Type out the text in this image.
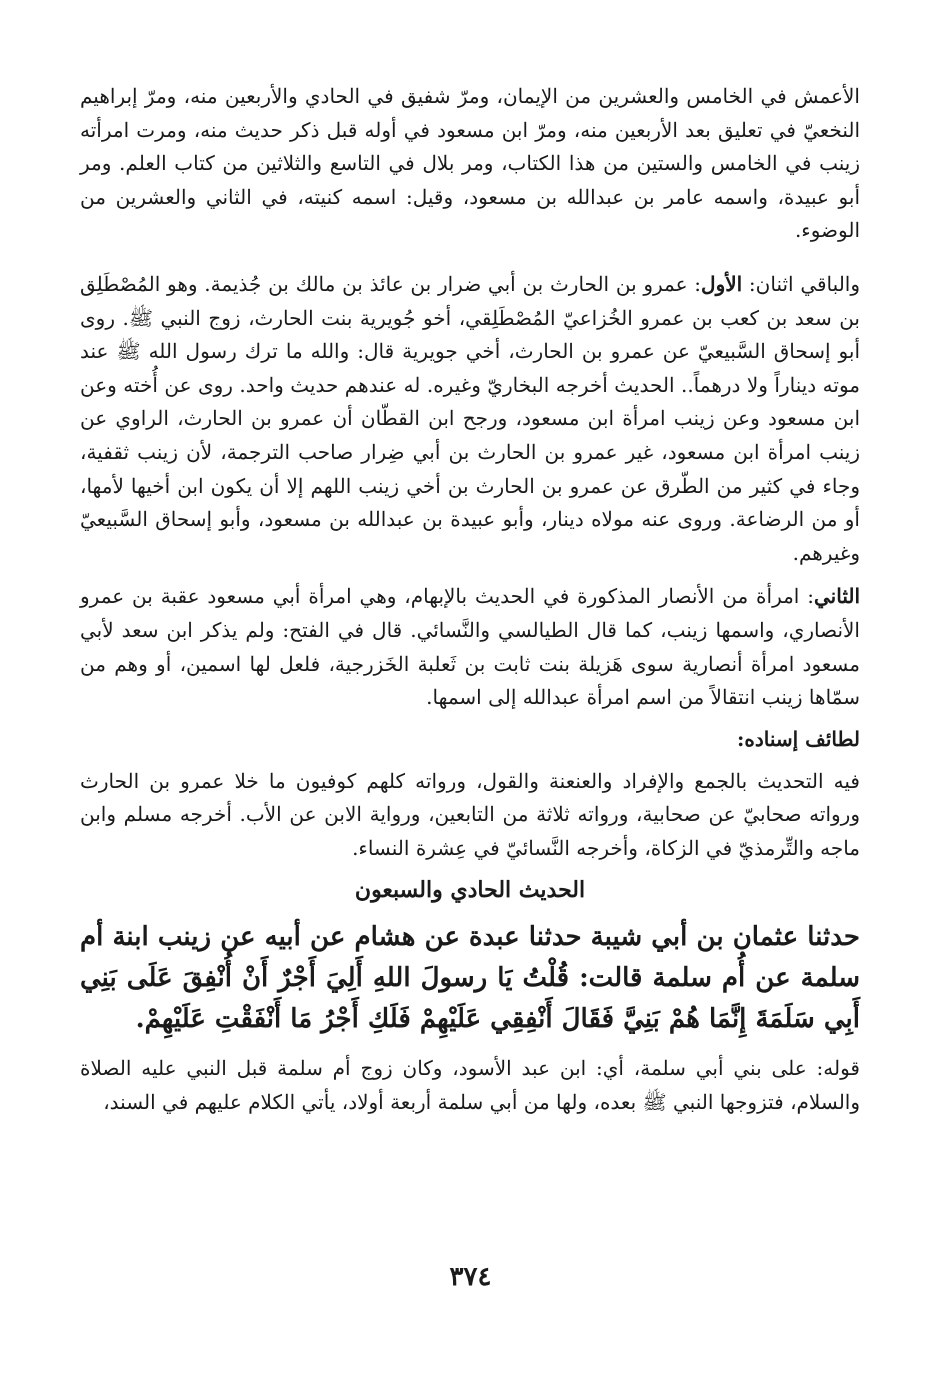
الأعمش في الخامس والعشرين من الإيمان، ومرّ شفيق في الحادي والأربعين منه، ومرّ إبراهيم النخعيّ في تعليق بعد الأربعين منه، ومرّ ابن مسعود في أوله قبل ذكر حديث منه، ومرت امرأته زينب في الخامس والستين من هذا الكتاب، ومر بلال في التاسع والثلاثين من كتاب العلم. ومر أبو عبيدة، واسمه عامر بن عبدالله بن مسعود، وقيل: اسمه كنيته، في الثاني والعشرين من الوضوء.

والباقي اثنان: الأول: عمرو بن الحارث بن أبي ضرار بن عائذ بن مالك بن جُذيمة. وهو المُصْطَلِق بن سعد بن كعب بن عمرو الخُزاعيّ المُصْطَلِقي، أخو جُويرية بنت الحارث، زوج النبي ﷺ. روى أبو إسحاق السَّبيعيّ عن عمرو بن الحارث، أخي جويرية قال: والله ما ترك رسول الله ﷺ عند موته ديناراً ولا درهماً.. الحديث أخرجه البخاريّ وغيره. له عندهم حديث واحد. روى عن أُخته وعن ابن مسعود وعن زينب امرأة ابن مسعود، ورجح ابن القطّان أن عمرو بن الحارث، الراوي عن زينب امرأة ابن مسعود، غير عمرو بن الحارث بن أبي ضِرار صاحب الترجمة، لأن زينب ثقفية، وجاء في كثير من الطّرق عن عمرو بن الحارث بن أخي زينب اللهم إلا أن يكون ابن أخيها لأمها، أو من الرضاعة. وروى عنه مولاه دينار، وأبو عبيدة بن عبدالله بن مسعود، وأبو إسحاق السَّبيعيّ وغيرهم.

الثاني: امرأة من الأنصار المذكورة في الحديث بالإبهام، وهي امرأة أبي مسعود عقبة بن عمرو الأنصاري، واسمها زينب، كما قال الطيالسي والنَّسائي. قال في الفتح: ولم يذكر ابن سعد لأبي مسعود امرأة أنصارية سوى هَزيلة بنت ثابت بن ثَعلبة الخَزرجية، فلعل لها اسمين، أو وهم من سمّاها زينب انتقالاً من اسم امرأة عبدالله إلى اسمها.

لطائف إسناده:

فيه التحديث بالجمع والإفراد والعنعنة والقول، ورواته كلهم كوفيون ما خلا عمرو بن الحارث ورواته صحابيّ عن صحابية، ورواته ثلاثة من التابعين، ورواية الابن عن الأب. أخرجه مسلم وابن ماجه والتِّرمذيّ في الزكاة، وأخرجه النَّسائيّ في عِشرة النساء.

الحديث الحادي والسبعون

حدثنا عثمان بن أبي شيبة حدثنا عبدة عن هشام عن أبيه عن زينب ابنة أم سلمة عن أُم سلمة قالت: قُلْتُ يَا رسولَ اللهِ أَلِيَ أَجْرٌ أَنْ أُنْفِقَ عَلَى بَنِي أَبِي سَلَمَةَ إِنَّمَا هُمْ بَنِيَّ فَقَالَ أَنْفِقِي عَلَيْهِمْ فَلَكِ أَجْرُ مَا أَنْفَقْتِ عَلَيْهِمْ.

قوله: على بني أبي سلمة، أي: ابن عبد الأسود، وكان زوج أم سلمة قبل النبي عليه الصلاة والسلام، فتزوجها النبي ﷺ بعده، ولها من أبي سلمة أربعة أولاد، يأتي الكلام عليهم في السند،

٣٧٤
